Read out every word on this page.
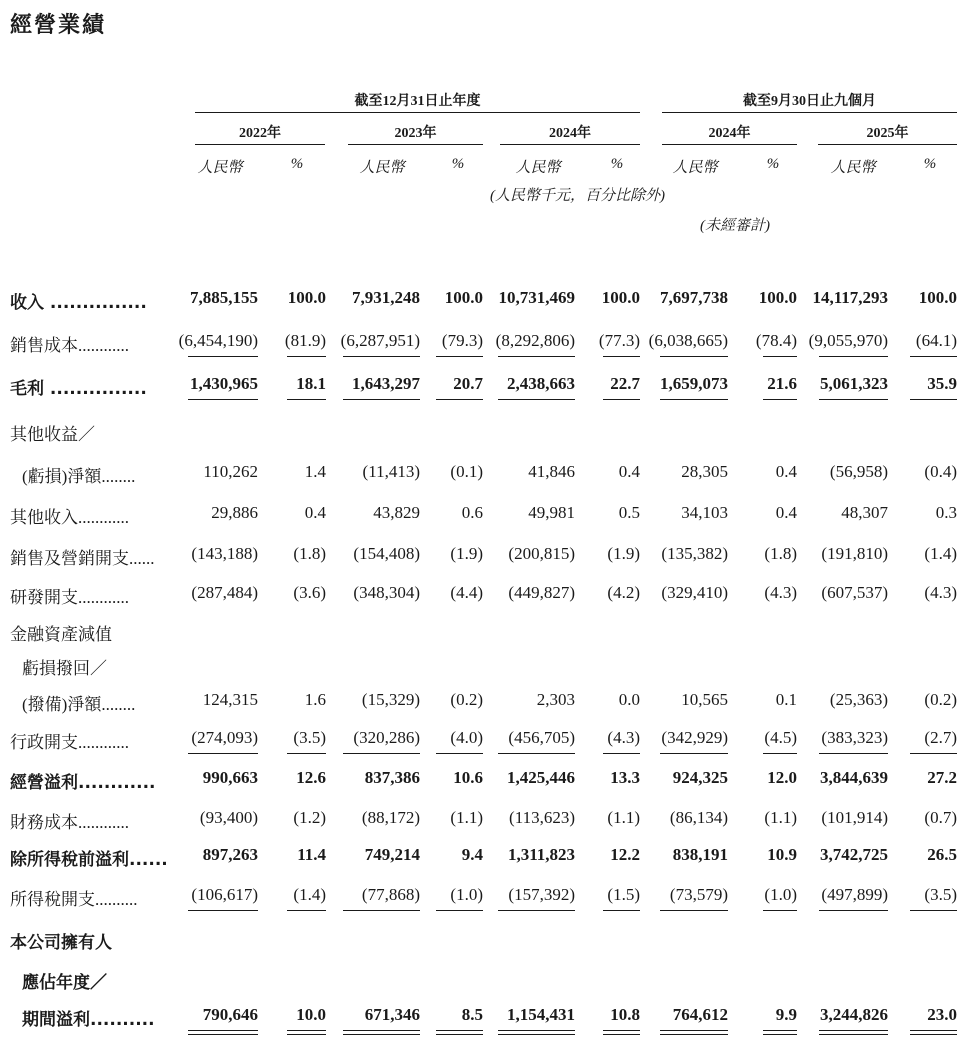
經營業績
截至12月31日止年度	截至9月30日止九個月
2022年	2023年	2024年	2024年	2025年
人民幣	%	人民幣	%	人民幣	%	人民幣	%	人民幣	%
(人民幣千元，百分比除外)
(未經審計)
收入 ...............	7,885,155 100.0 7,931,248 100.0 10,731,469 100.0 7,697,738 100.0 14,117,293 100.0
銷售成本............	(6,454,190) (81.9) (6,287,951) (79.3) (8,292,806) (77.3) (6,038,665) (78.4) (9,055,970) (64.1)
毛利 ...............	1,430,965 18.1 1,643,297 20.7 2,438,663 22.7 1,659,073 21.6 5,061,323 35.9
其他收益／
(虧損)淨額........	110,262	1.4 (11,413) (0.1)	41,846	0.4 28,305	0.4 (56,958) (0.4)
其他收入............	29,886	0.4	43,829 0.6	49,981	0.5 34,103	0.4	48,307	0.3
銷售及營銷開支...... (143,188) (1.8) (154,408) (1.9) (200,815) (1.9) (135,382) (1.8) (191,810) (1.4)
研發開支............	(287,484) (3.6) (348,304) (4.4) (449,827) (4.2) (329,410) (4.3) (607,537) (4.3)
金融資產減值
虧損撥回／
(撥備)淨額........	124,315	1.6 (15,329) (0.2)	2,303	0.0 10,565	0.1 (25,363) (0.2)
行政開支............	(274,093) (3.5) (320,286) (4.0) (456,705) (4.3) (342,929) (4.5) (383,323) (2.7)
經營溢利............	990,663 12.6 837,386 10.6 1,425,446 13.3 924,325 12.0 3,844,639 27.2
財務成本............	(93,400) (1.2) (88,172) (1.1) (113,623) (1.1) (86,134) (1.1) (101,914) (0.7)
除所得稅前溢利...... 897,263 11.4 749,214 9.4 1,311,823 12.2 838,191 10.9 3,742,725 26.5
所得稅開支..........	(106,617) (1.4) (77,868) (1.0) (157,392) (1.5) (73,579) (1.0) (497,899) (3.5)
本公司擁有人
應佔年度／
期間溢利..........	790,646 10.0 671,346 8.5 1,154,431 10.8 764,612	9.9 3,244,826 23.0
